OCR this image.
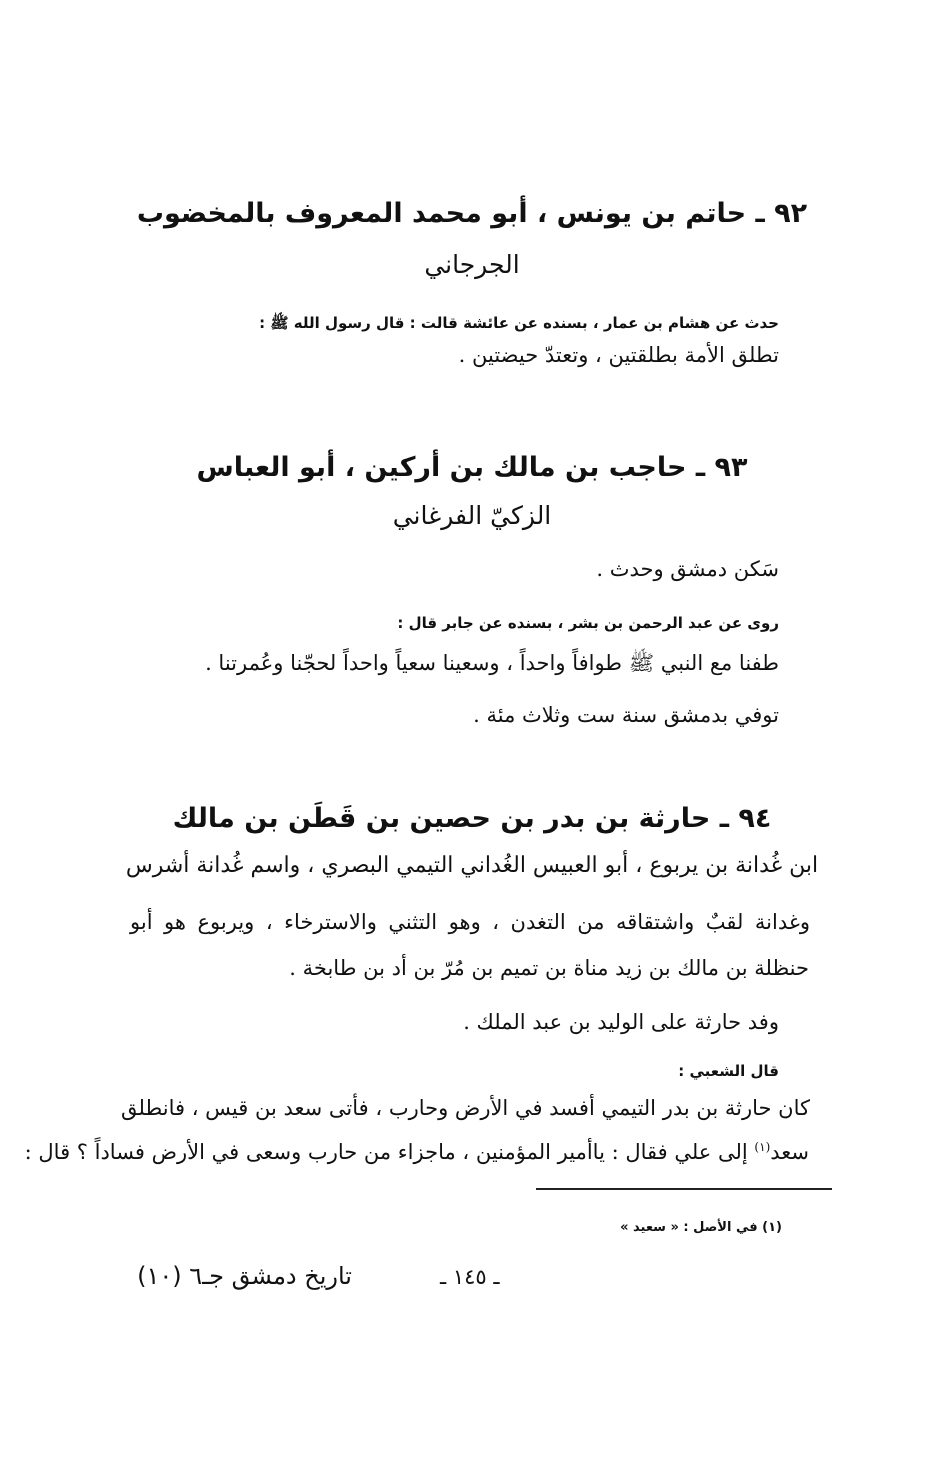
٩٢ ـ حاتم بن يونس ، أبو محمد المعروف بالمخضوب
الجرجاني
حدث عن هشام بن عمار ، بسنده عن عائشة قالت : قال رسول الله ﷺ :
تطلق الأمة بطلقتين ، وتعتدّ حيضتين .
٩٣ ـ حاجب بن مالك بن أركين ، أبو العباس
الزكيّ الفرغاني
سَكن دمشق وحدث .
روى عن عبد الرحمن بن بشر ، بسنده عن جابر قال :
طفنا مع النبي ﷺ طوافاً واحداً ، وسعينا سعياً واحداً لحجّنا وعُمرتنا .
توفي بدمشق سنة ست وثلاث مئة .
٩٤ ـ حارثة بن بدر بن حصين بن قَطَن بن مالك
ابن غُدانة بن يربوع ، أبو العبيس الغُداني التيمي البصري ، واسم غُدانة أشرس
وغدانة لقبٌ واشتقاقه من التغدن ، وهو التثني والاسترخاء ، ويربوع هو أبو
حنظلة بن مالك بن زيد مناة بن تميم بن مُرّ بن أد بن طابخة .
وفد حارثة على الوليد بن عبد الملك .
قال الشعبي :
كان حارثة بن بدر التيمي أفسد في الأرض وحارب ، فأتى سعد بن قيس ، فانطلق
سعد$^{(١)}$ إلى علي فقال : ياأمير المؤمنين ، ماجزاء من حارب وسعى في الأرض فساداً ؟ قال :
(١) في الأصل : « سعيد »
تاريخ دمشق جـ٦ (١٠)	ـ ١٤٥ ـ
